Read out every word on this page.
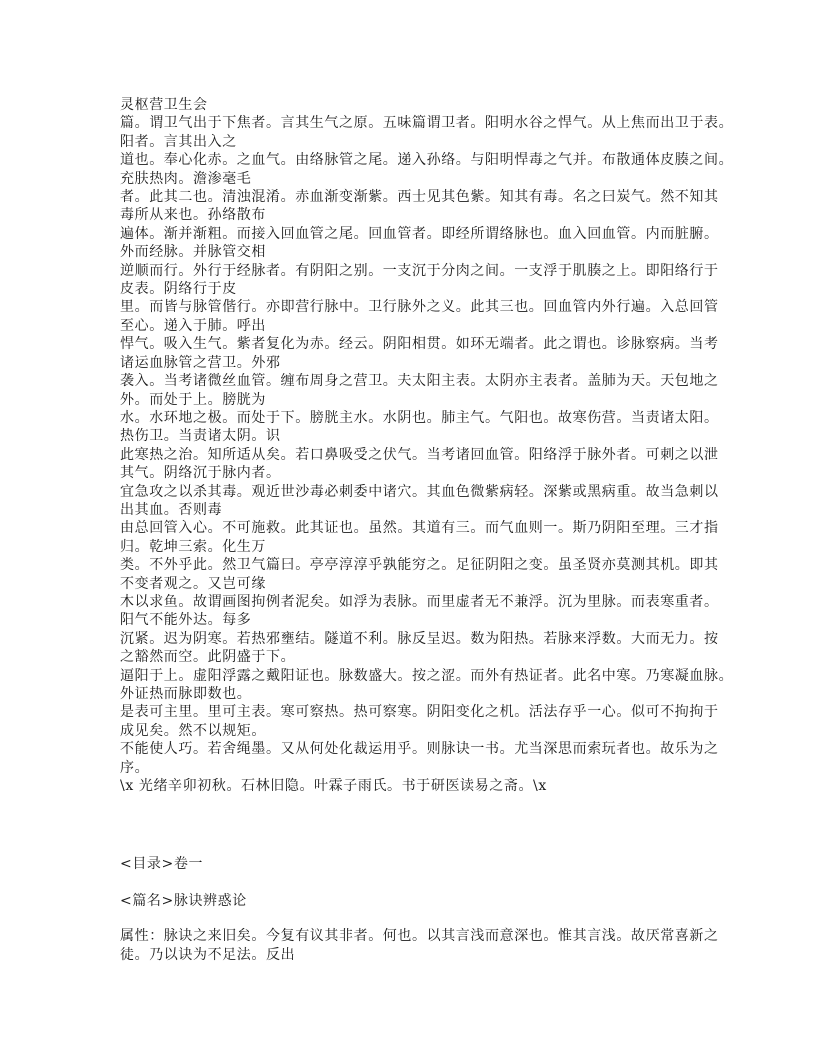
灵枢营卫生会

篇。谓卫气出于下焦者。言其生气之原。五味篇谓卫者。阳明水谷之悍气。从上焦而出卫于表。

阳者。言其出入之

道也。奉心化赤。之血气。由络脉管之尾。递入孙络。与阳明悍毒之气并。布散通体皮腠之间。

充肤热肉。澹渗毫毛

者。此其二也。清浊混淆。赤血渐变渐紫。西士见其色紫。知其有毒。名之曰炭气。然不知其

毒所从来也。孙络散布

遍体。渐并渐粗。而接入回血管之尾。回血管者。即经所谓络脉也。血入回血管。内而脏腑。

外而经脉。并脉管交相

逆顺而行。外行于经脉者。有阴阳之别。一支沉于分肉之间。一支浮于肌腠之上。即阳络行于

皮表。阴络行于皮

里。而皆与脉管偕行。亦即营行脉中。卫行脉外之义。此其三也。回血管内外行遍。入总回管

至心。递入于肺。呼出

悍气。吸入生气。紫者复化为赤。经云。阴阳相贯。如环无端者。此之谓也。诊脉察病。当考

诸运血脉管之营卫。外邪

袭入。当考诸微丝血管。缠布周身之营卫。夫太阳主表。太阴亦主表者。盖肺为天。天包地之

外。而处于上。膀胱为

水。水环地之极。而处于下。膀胱主水。水阴也。肺主气。气阳也。故寒伤营。当责诸太阳。

热伤卫。当责诸太阴。识

此寒热之治。知所适从矣。若口鼻吸受之伏气。当考诸回血管。阳络浮于脉外者。可刺之以泄

其气。阴络沉于脉内者。

宜急攻之以杀其毒。观近世沙毒必刺委中诸穴。其血色微紫病轻。深紫或黑病重。故当急刺以

出其血。否则毒

由总回管入心。不可施救。此其证也。虽然。其道有三。而气血则一。斯乃阴阳至理。三才指

归。乾坤三索。化生万

类。不外乎此。然卫气篇曰。亭亭淳淳乎孰能穷之。足征阴阳之变。虽圣贤亦莫测其机。即其

不变者观之。又岂可缘

木以求鱼。故谓画图拘例者泥矣。如浮为表脉。而里虚者无不兼浮。沉为里脉。而表寒重者。

阳气不能外达。每多

沉紧。迟为阴寒。若热邪壅结。隧道不利。脉反呈迟。数为阳热。若脉来浮数。大而无力。按

之豁然而空。此阴盛于下。

逼阳于上。虚阳浮露之戴阳证也。脉数盛大。按之涩。而外有热证者。此名中寒。乃寒凝血脉。

外证热而脉即数也。

是表可主里。里可主表。寒可察热。热可察寒。阴阳变化之机。活法存乎一心。似可不拘拘于

成见矣。然不以规矩。

不能使人巧。若舍绳墨。又从何处化裁运用乎。则脉诀一书。尤当深思而索玩者也。故乐为之

序。

\x 光绪辛卯初秋。石林旧隐。叶霖子雨氏。书于研医读易之斋。\x

<目录>卷一

<篇名>脉诀辨惑论

属性：脉诀之来旧矣。今复有议其非者。何也。以其言浅而意深也。惟其言浅。故厌常喜新之

徒。乃以诀为不足法。反出
